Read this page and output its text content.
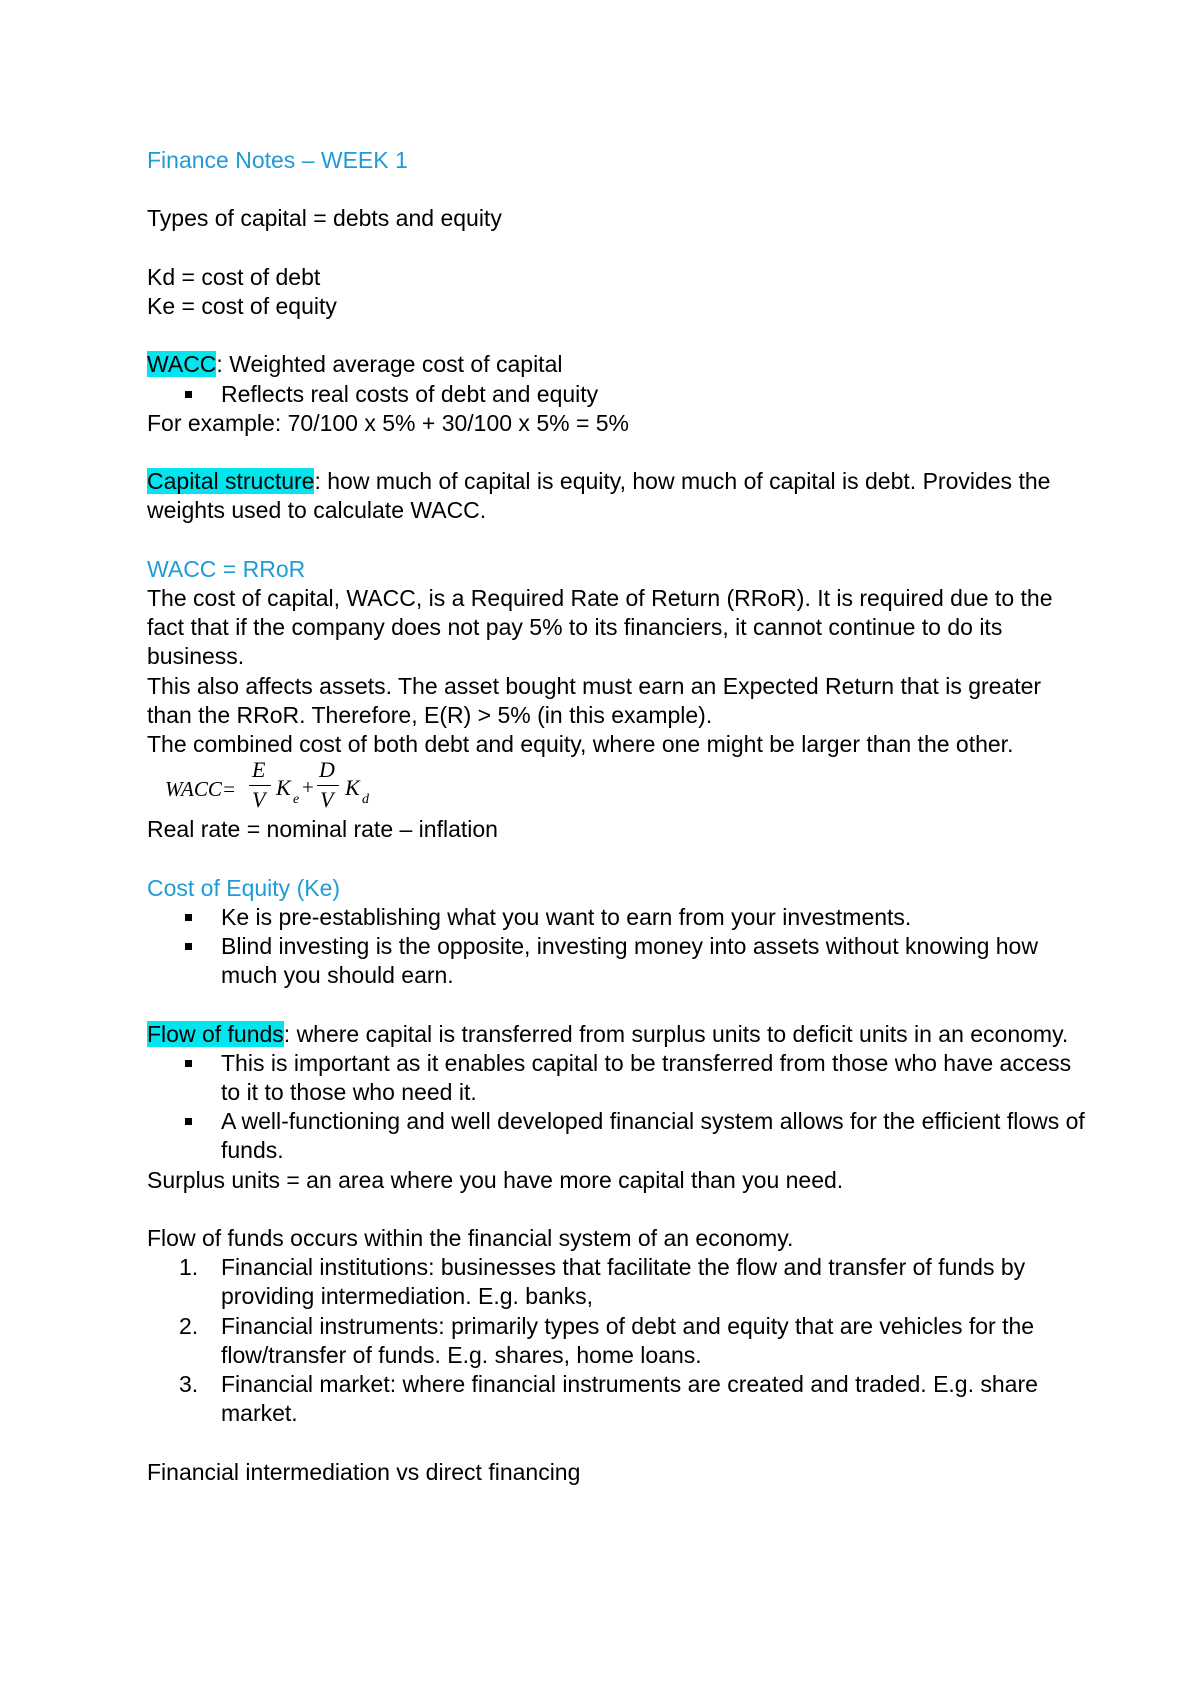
Finance Notes – WEEK 1
Types of capital = debts and equity
Kd = cost of debt
Ke = cost of equity
WACC: Weighted average cost of capital
Reflects real costs of debt and equity
For example: 70/100 x 5% + 30/100 x 5% = 5%
Capital structure: how much of capital is equity, how much of capital is debt. Provides the weights used to calculate WACC.
WACC = RRoR
The cost of capital, WACC, is a Required Rate of Return (RRoR). It is required due to the fact that if the company does not pay 5% to its financiers, it cannot continue to do its business.
This also affects assets. The asset bought must earn an Expected Return that is greater than the RRoR. Therefore, E(R) > 5% (in this example).
The combined cost of both debt and equity, where one might be larger than the other.
WACC=
E
V K e
+
D
V K d
Real rate = nominal rate – inflation
Cost of Equity (Ke)
Ke is pre-establishing what you want to earn from your investments.
Blind investing is the opposite, investing money into assets without knowing how much you should earn.
Flow of funds: where capital is transferred from surplus units to deficit units in an economy.
This is important as it enables capital to be transferred from those who have access to it to those who need it.
A well-functioning and well developed financial system allows for the efficient flows of funds.
Surplus units = an area where you have more capital than you need.
Flow of funds occurs within the financial system of an economy.
1. Financial institutions: businesses that facilitate the flow and transfer of funds by providing intermediation. E.g. banks,
2. Financial instruments: primarily types of debt and equity that are vehicles for the flow/transfer of funds. E.g. shares, home loans.
3. Financial market: where financial instruments are created and traded. E.g. share market.
Financial intermediation vs direct financing
